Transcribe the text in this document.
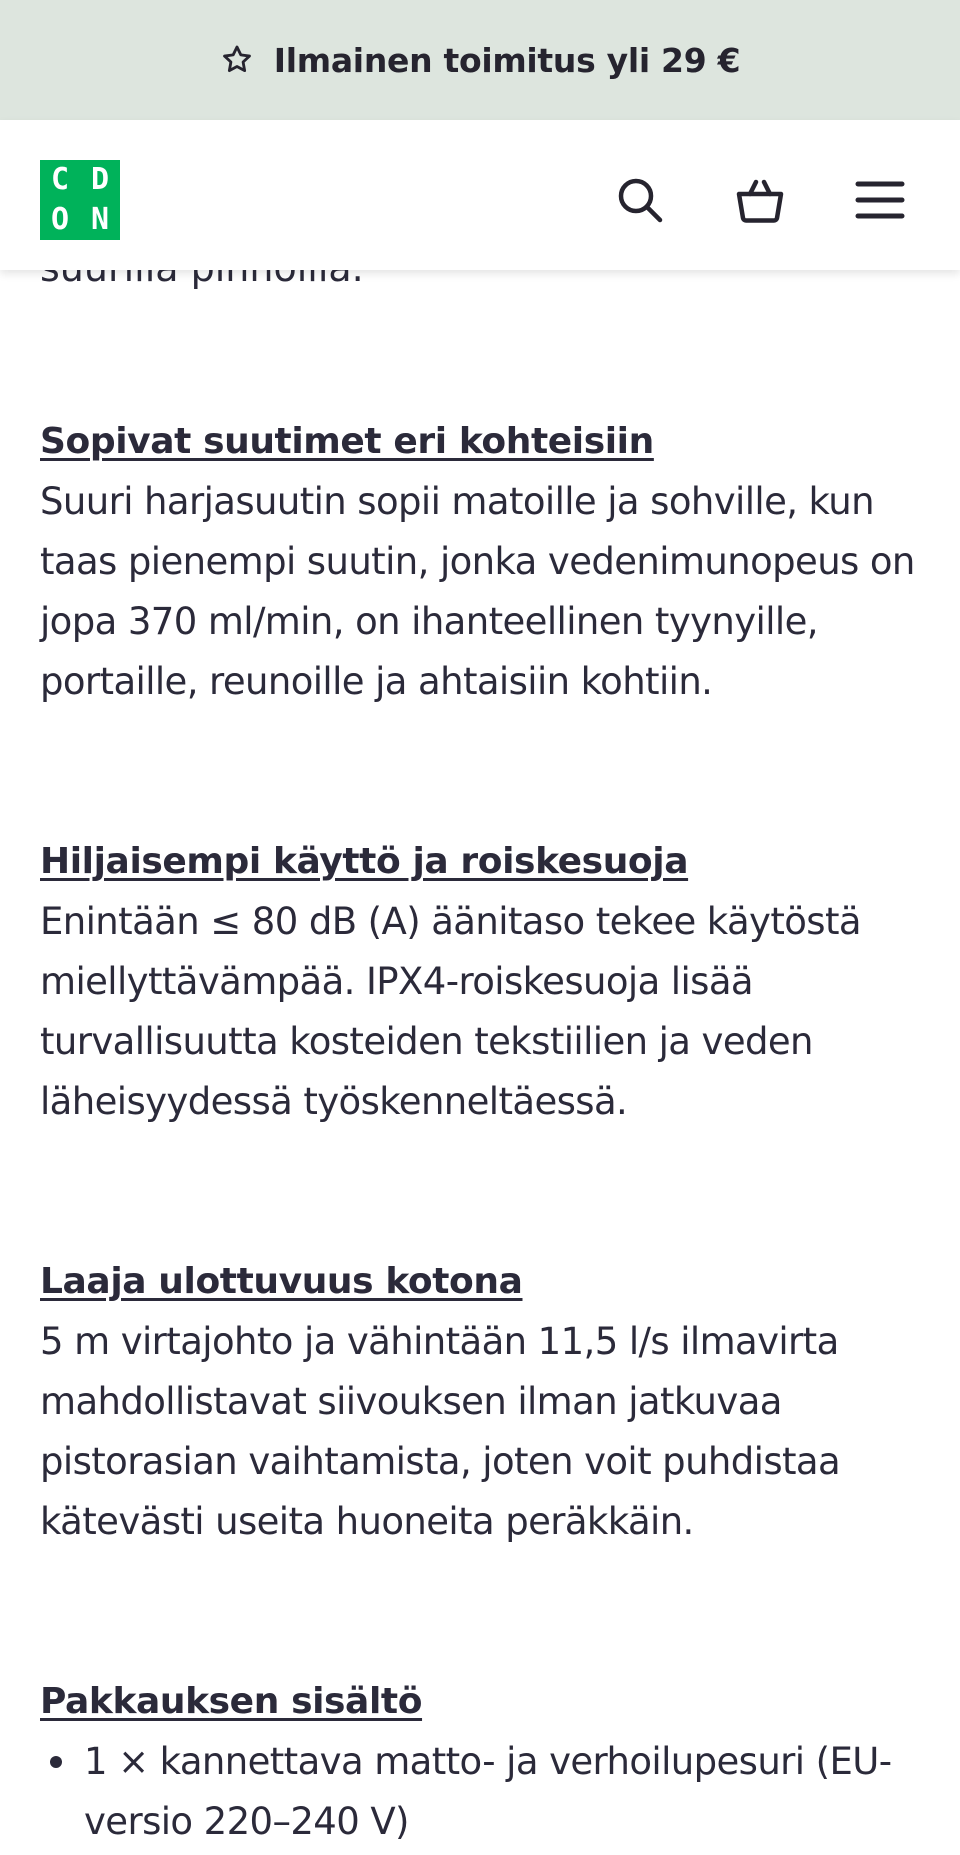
Sopivat suutimet eri kohteisiin

Suuri harjasuutin sopii matoille ja sohville, kun taas pienempi suutin, jonka vedenimunopeus on jopa 370 ml/min, on ihanteellinen tyynyille, portaille, reunoille ja ahtaisiin kohtiin.

Hiljaisempi käyttö ja roiskesuoja

Enintään ≤ 80 dB (A) äänitaso tekee käytöstä miellyttävämpää. IPX4-roiskesuoja lisää turvallisuutta kosteiden tekstiilien ja veden läheisyydessä työskenneltäessä.

Laaja ulottuvuus kotona

5 m virtajohto ja vähintään 11,5 l/s ilmavirta mahdollistavat siivouksen ilman jatkuvaa pistorasian vaihtamista, joten voit puhdistaa kätevästi useita huoneita peräkkäin.

Pakkauksen sisältö
1 × kannettava matto- ja verhoilupesuri (EU-versio 220–240 V)
Ilmainen toimitus yli 29 €
C D
O N
